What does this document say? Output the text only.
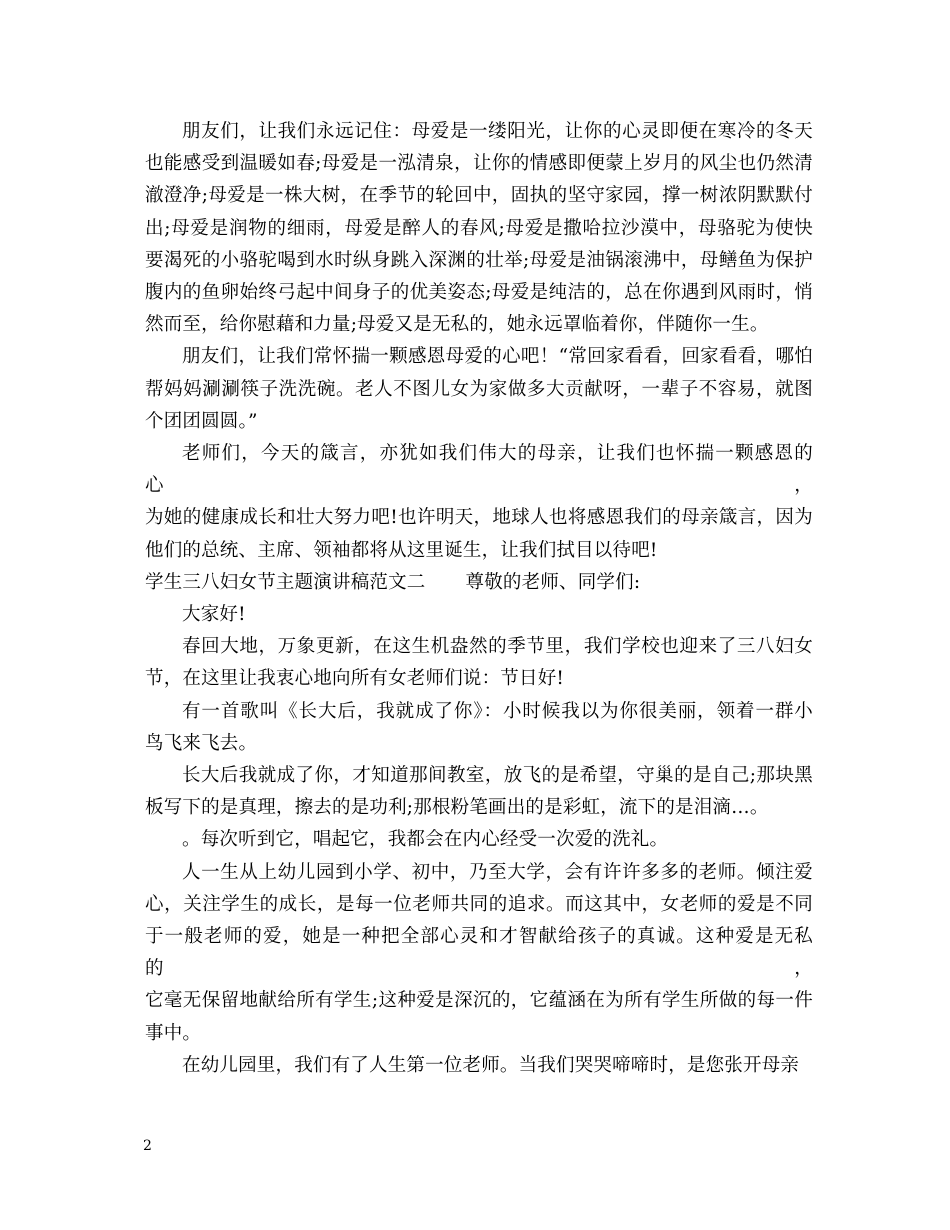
朋友们，让我们永远记住：母爱是一缕阳光，让你的心灵即便在寒冷的冬天
也能感受到温暖如春;母爱是一泓清泉，让你的情感即便蒙上岁月的风尘也仍然清
澈澄净;母爱是一株大树，在季节的轮回中，固执的坚守家园，撑一树浓阴默默付
出;母爱是润物的细雨，母爱是醉人的春风;母爱是撒哈拉沙漠中，母骆驼为使快
要渴死的小骆驼喝到水时纵身跳入深渊的壮举;母爱是油锅滚沸中，母鳝鱼为保护
腹内的鱼卵始终弓起中间身子的优美姿态;母爱是纯洁的，总在你遇到风雨时，悄
然而至，给你慰藉和力量;母爱又是无私的，她永远罩临着你，伴随你一生。
朋友们，让我们常怀揣一颗感恩母爱的心吧！“常回家看看，回家看看，哪怕
帮妈妈涮涮筷子洗洗碗。老人不图儿女为家做多大贡献呀，一辈子不容易，就图
个团团圆圆。”
老师们，今天的箴言，亦犹如我们伟大的母亲，让我们也怀揣一颗感恩的心，
为她的健康成长和壮大努力吧!也许明天，地球人也将感恩我们的母亲箴言，因为
他们的总统、主席、领袖都将从这里诞生，让我们拭目以待吧!
学生三八妇女节主题演讲稿范文二 尊敬的老师、同学们:
大家好!
春回大地，万象更新，在这生机盎然的季节里，我们学校也迎来了三八妇女
节，在这里让我衷心地向所有女老师们说：节日好!
有一首歌叫《长大后，我就成了你》：小时候我以为你很美丽，领着一群小
鸟飞来飞去。
长大后我就成了你，才知道那间教室，放飞的是希望，守巢的是自己;那块黑
板写下的是真理，擦去的是功利;那根粉笔画出的是彩虹，流下的是泪滴…。
。每次听到它，唱起它，我都会在内心经受一次爱的洗礼。
人一生从上幼儿园到小学、初中，乃至大学，会有许许多多的老师。倾注爱
心，关注学生的成长，是每一位老师共同的追求。而这其中，女老师的爱是不同
于一般老师的爱，她是一种把全部心灵和才智献给孩子的真诚。这种爱是无私的，
它毫无保留地献给所有学生;这种爱是深沉的，它蕴涵在为所有学生所做的每一件
事中。
在幼儿园里，我们有了人生第一位老师。当我们哭哭啼啼时，是您张开母亲
2
